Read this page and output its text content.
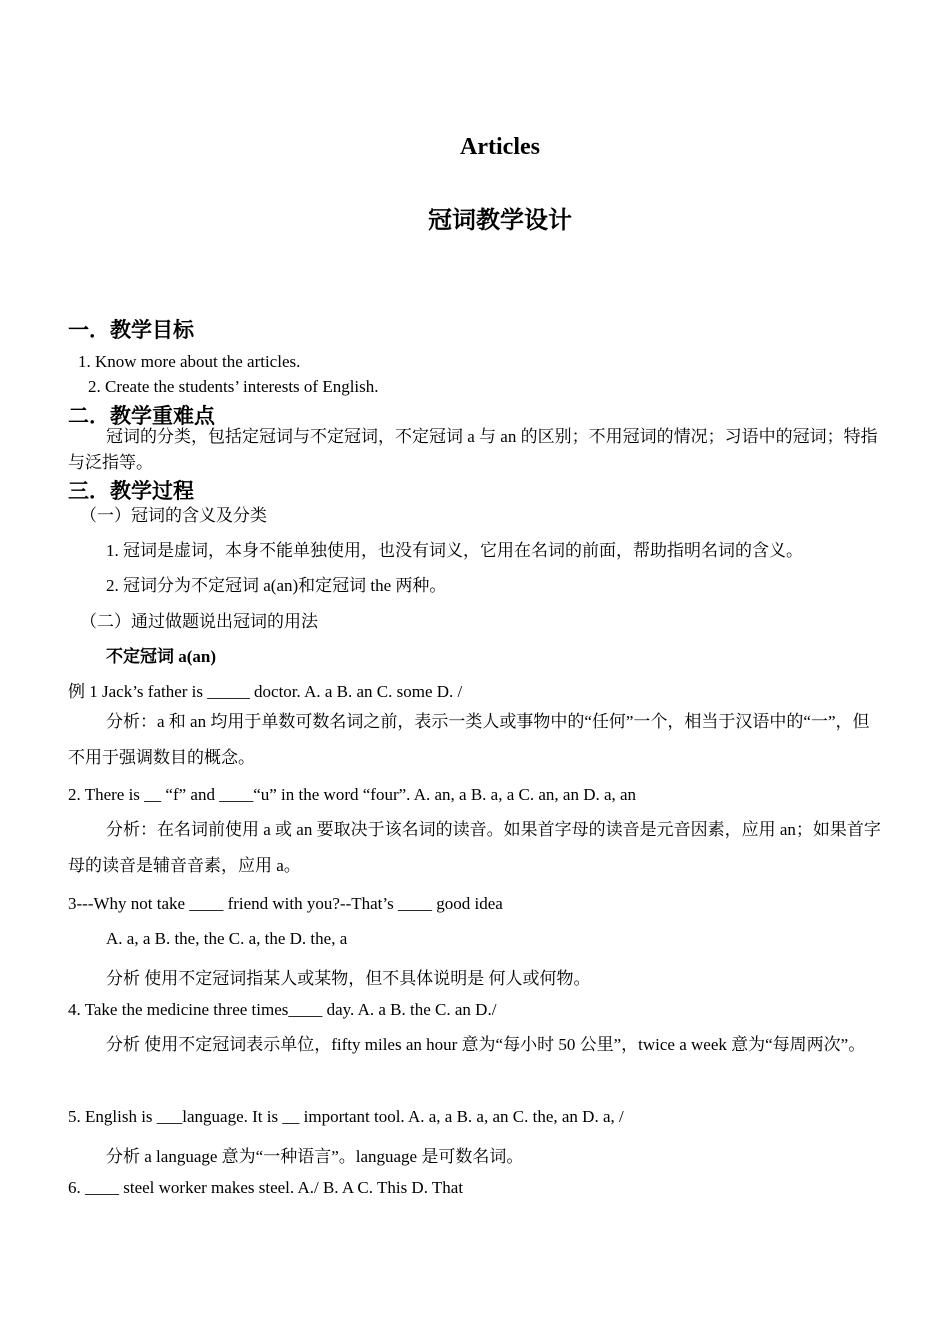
Articles
冠词教学设计
一．教学目标
1. Know more about the articles.
2. Create the students’ interests of English.
二．教学重难点
冠词的分类，包括定冠词与不定冠词，不定冠词 a 与 an 的区别；不用冠词的情况；习语中的冠词；特指与泛指等。
三．教学过程
（一）冠词的含义及分类
1. 冠词是虚词，本身不能单独使用，也没有词义，它用在名词的前面，帮助指明名词的含义。
2. 冠词分为不定冠词 a(an)和定冠词 the 两种。
（二）通过做题说出冠词的用法
不定冠词 a(an)
例 1 Jack’s father is _____ doctor. A. a B. an C. some D. /
分析：a 和 an 均用于单数可数名词之前，表示一类人或事物中的“任何”一个，相当于汉语中的“一”，但不用于强调数目的概念。
2. There is __ “f” and ____“u” in the word “four”. A. an, a B. a, a C. an, an D. a, an
分析：在名词前使用 a 或 an 要取决于该名词的读音。如果首字母的读音是元音因素，应用 an；如果首字母的读音是辅音音素，应用 a。
3---Why not take ____ friend with you?--That’s ____ good idea
A. a, a B. the, the C. a, the D. the, a
分析 使用不定冠词指某人或某物，但不具体说明是 何人或何物。
4. Take the medicine three times____ day. A. a B. the C. an D./
分析 使用不定冠词表示单位，fifty miles an hour 意为“每小时 50 公里”，twice a week 意为“每周两次”。
5. English is ___language. It is __ important tool. A. a, a B. a, an C. the, an D. a, /
分析 a language 意为“一种语言”。language 是可数名词。
6. ____ steel worker makes steel. A./ B. A C. This D. That
